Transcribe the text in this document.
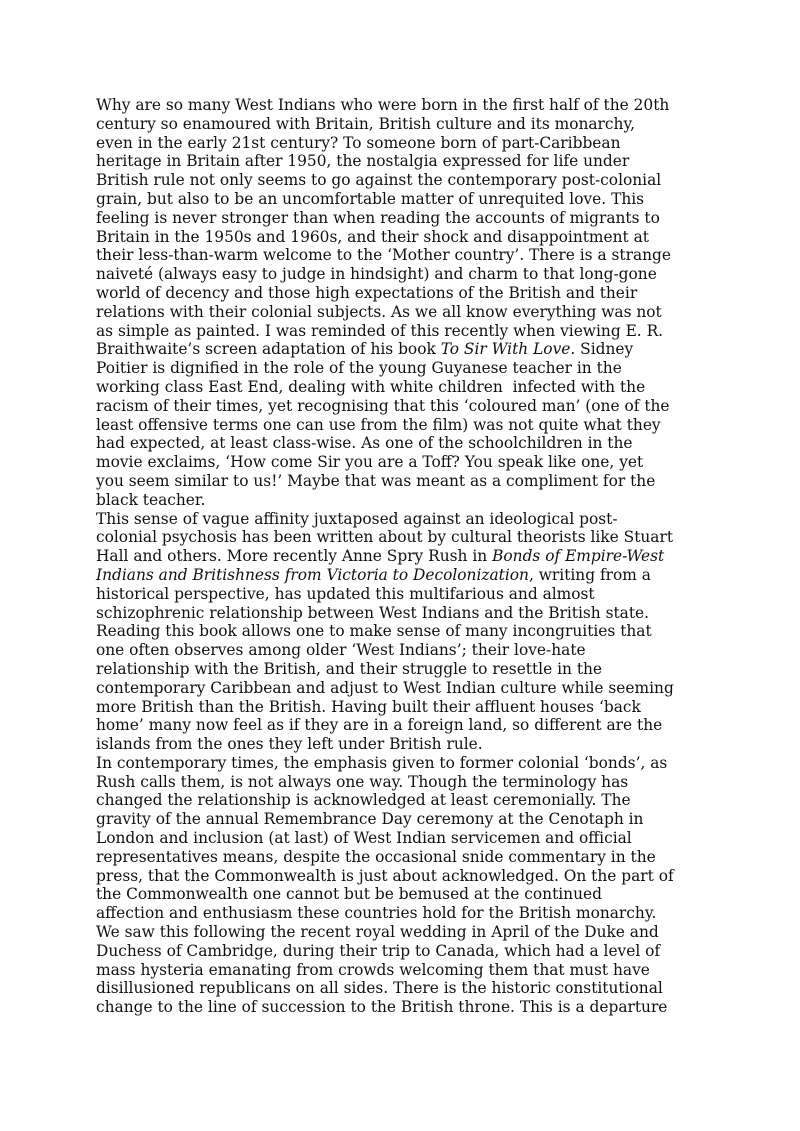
Why are so many West Indians who were born in the first half of the 20th
century so enamoured with Britain, British culture and its monarchy,
even in the early 21st century? To someone born of part-Caribbean
heritage in Britain after 1950, the nostalgia expressed for life under
British rule not only seems to go against the contemporary post-colonial
grain, but also to be an uncomfortable matter of unrequited love. This
feeling is never stronger than when reading the accounts of migrants to
Britain in the 1950s and 1960s, and their shock and disappointment at
their less-than-warm welcome to the ‘Mother country’. There is a strange
naiveté (always easy to judge in hindsight) and charm to that long-gone
world of decency and those high expectations of the British and their
relations with their colonial subjects. As we all know everything was not
as simple as painted. I was reminded of this recently when viewing E. R.
Braithwaite’s screen adaptation of his book To Sir With Love. Sidney
Poitier is dignified in the role of the young Guyanese teacher in the
working class East End, dealing with white children  infected with the
racism of their times, yet recognising that this ‘coloured man’ (one of the
least offensive terms one can use from the film) was not quite what they
had expected, at least class-wise. As one of the schoolchildren in the
movie exclaims, ‘How come Sir you are a Toff? You speak like one, yet
you seem similar to us!’ Maybe that was meant as a compliment for the
black teacher.
This sense of vague affinity juxtaposed against an ideological post-
colonial psychosis has been written about by cultural theorists like Stuart
Hall and others. More recently Anne Spry Rush in Bonds of Empire-West
Indians and Britishness from Victoria to Decolonization, writing from a
historical perspective, has updated this multifarious and almost
schizophrenic relationship between West Indians and the British state.
Reading this book allows one to make sense of many incongruities that
one often observes among older ‘West Indians’; their love-hate
relationship with the British, and their struggle to resettle in the
contemporary Caribbean and adjust to West Indian culture while seeming
more British than the British. Having built their affluent houses ‘back
home’ many now feel as if they are in a foreign land, so different are the
islands from the ones they left under British rule.
In contemporary times, the emphasis given to former colonial ‘bonds’, as
Rush calls them, is not always one way. Though the terminology has
changed the relationship is acknowledged at least ceremonially. The
gravity of the annual Remembrance Day ceremony at the Cenotaph in
London and inclusion (at last) of West Indian servicemen and official
representatives means, despite the occasional snide commentary in the
press, that the Commonwealth is just about acknowledged. On the part of
the Commonwealth one cannot but be bemused at the continued
affection and enthusiasm these countries hold for the British monarchy.
We saw this following the recent royal wedding in April of the Duke and
Duchess of Cambridge, during their trip to Canada, which had a level of
mass hysteria emanating from crowds welcoming them that must have
disillusioned republicans on all sides. There is the historic constitutional
change to the line of succession to the British throne. This is a departure
